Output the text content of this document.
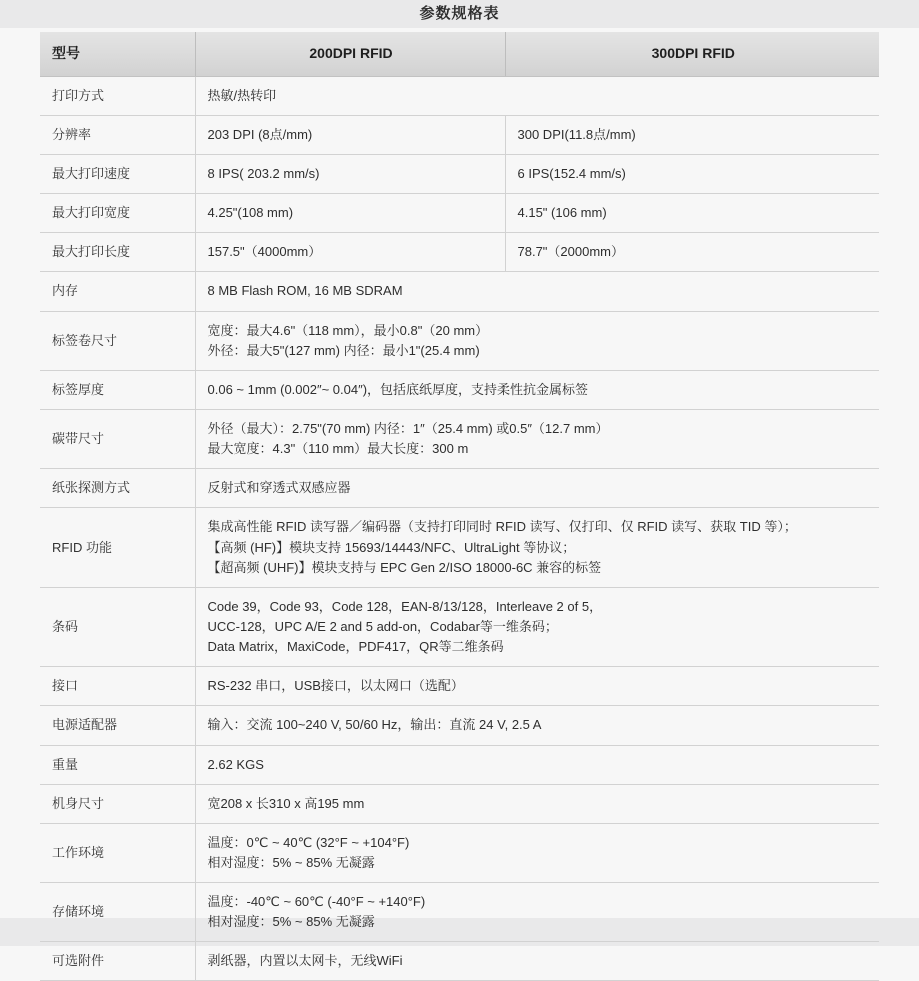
参数规格表
型号	200DPI RFID	300DPI RFID
打印方式	热敏/热转印	

分辨率	203 DPI (8点/mm)	300 DPI(11.8点/mm)

最大打印速度	8 IPS( 203.2 mm/s)	6 IPS(152.4 mm/s)

最大打印宽度	4.25"(108 mm)	4.15" (106 mm)

最大打印长度	157.5"（4000mm）	78.7"（2000mm）

内存	8 MB Flash ROM, 16 MB SDRAM	

标签卷尺寸	宽度：最大4.6"（118 mm），最小0.8"（20 mm）
外径：最大5"(127 mm) 内径：最小1"(25.4 mm)	

标签厚度	0.06 ~ 1mm (0.002″~ 0.04″)，包括底纸厚度，支持柔性抗金属标签	

碳带尺寸	外径（最大）：2.75"(70 mm) 内径：1″（25.4 mm) 或0.5″（12.7 mm）
最大宽度：4.3"（110 mm）最大长度：300 m	

纸张探测方式	反射式和穿透式双感应器	

RFID 功能	集成高性能 RFID 读写器／编码器（支持打印同时 RFID 读写、仅打印、仅 RFID 读写、获取 TID 等）；
【高频 (HF)】模块支持 15693/14443/NFC、UltraLight 等协议；
【超高频 (UHF)】模块支持与 EPC Gen 2/ISO 18000-6C 兼容的标签	

条码	Code 39，Code 93，Code 128，EAN-8/13/128，Interleave 2 of 5，
UCC-128，UPC A/E 2 and 5 add-on，Codabar等一维条码；
Data Matrix，MaxiCode，PDF417，QR等二维条码	

接口	RS-232 串口，USB接口，以太网口（选配）	

电源适配器	输入：交流 100~240 V, 50/60 Hz，输出：直流 24 V, 2.5 A	

重量	2.62 KGS	

机身尺寸	宽208 x 长310 x 高195 mm	

工作环境	温度：0℃ ~ 40℃ (32°F ~ +104°F)
相对湿度：5% ~ 85% 无凝露	

存储环境	温度：-40℃ ~ 60℃ (-40°F ~ +140°F)
相对湿度：5% ~ 85% 无凝露	

可选附件	剥纸器，内置以太网卡，无线WiFi	
